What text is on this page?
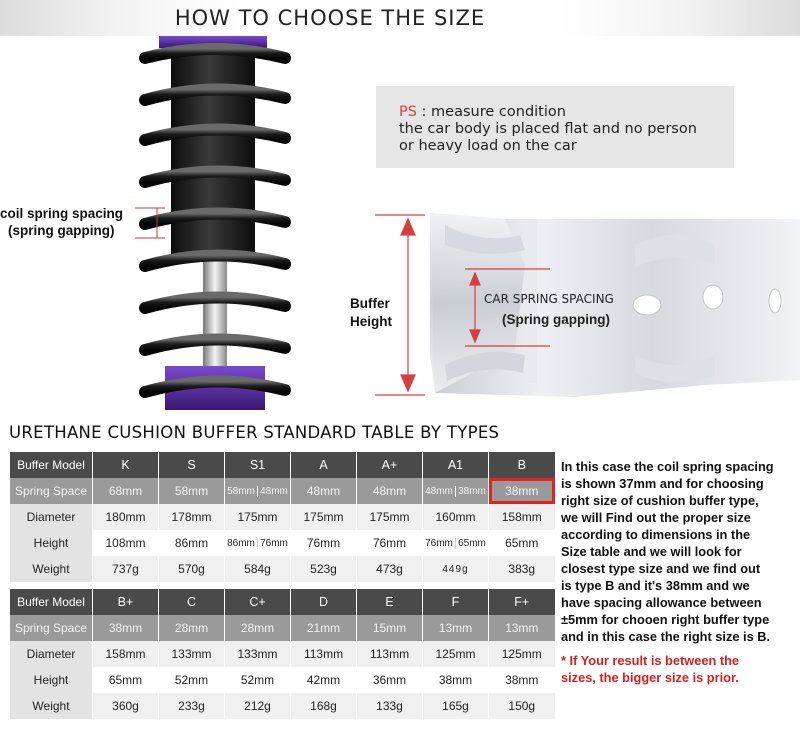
HOW TO CHOOSE THE SIZE
coil spring spacing
(spring gapping)
PS : measure condition
the car body is placed flat and no person
or heavy load on the car
Buffer
Height
CAR SPRING SPACING
(Spring gapping)
URETHANE CUSHION BUFFER STANDARD TABLE BY TYPES
Buffer Model	K	S	S1	A	A+	A1	B
Spring Space	68mm	58mm	58mm 48mm	48mm	48mm	48mm 38mm	38mm
Diameter	180mm	178mm	175mm	175mm	175mm	160mm	158mm
Height	108mm	86mm	86mm 76mm	76mm	76mm	76mm 65mm	65mm
Weight	737g	570g	584g	523g	473g	449g	383g
Buffer Model	B+	C	C+	D	E	F	F+
Spring Space	38mm	28mm	28mm	21mm	15mm	13mm	13mm
Diameter	158mm	133mm	133mm	113mm	113mm	125mm	125mm
Height	65mm	52mm	52mm	42mm	36mm	38mm	38mm
Weight	360g	233g	212g	168g	133g	165g	150g

In this case the coil spring spacing
is shown 37mm and for choosing
right size of cushion buffer type,
we will Find out the proper size
according to dimensions in the
Size table and we will look for
closest type size and we find out
is type B and it's 38mm and we
have spacing allowance between
±5mm for chooen right buffer type
and in this case the right size is B.

* If Your result is between the
sizes, the bigger size is prior.
